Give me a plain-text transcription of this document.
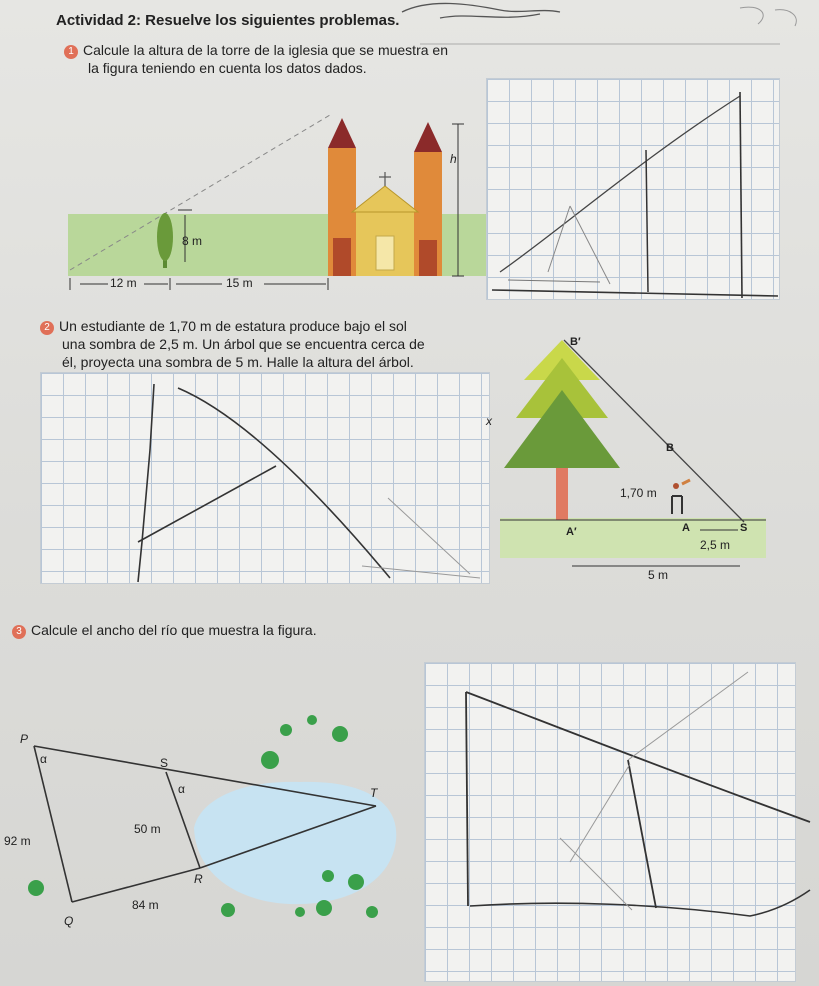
Actividad 2: Resuelve los siguientes problemas.
1 Calcule la altura de la torre de la iglesia que se muestra en
la figura teniendo en cuenta los datos dados.
h
8 m
12 m	15 m
2 Un estudiante de 1,70 m de estatura produce bajo el sol
una sombra de 2,5 m. Un árbol que se encuentra cerca de
él, proyecta una sombra de 5 m. Halle la altura del árbol.
B′
x
B
1,70 m
A′	A	S
2,5 m
5 m
3 Calcule el ancho del río que muestra la figura.
P
α	S
α	T
50 m
92 m
R
84 m
Q
